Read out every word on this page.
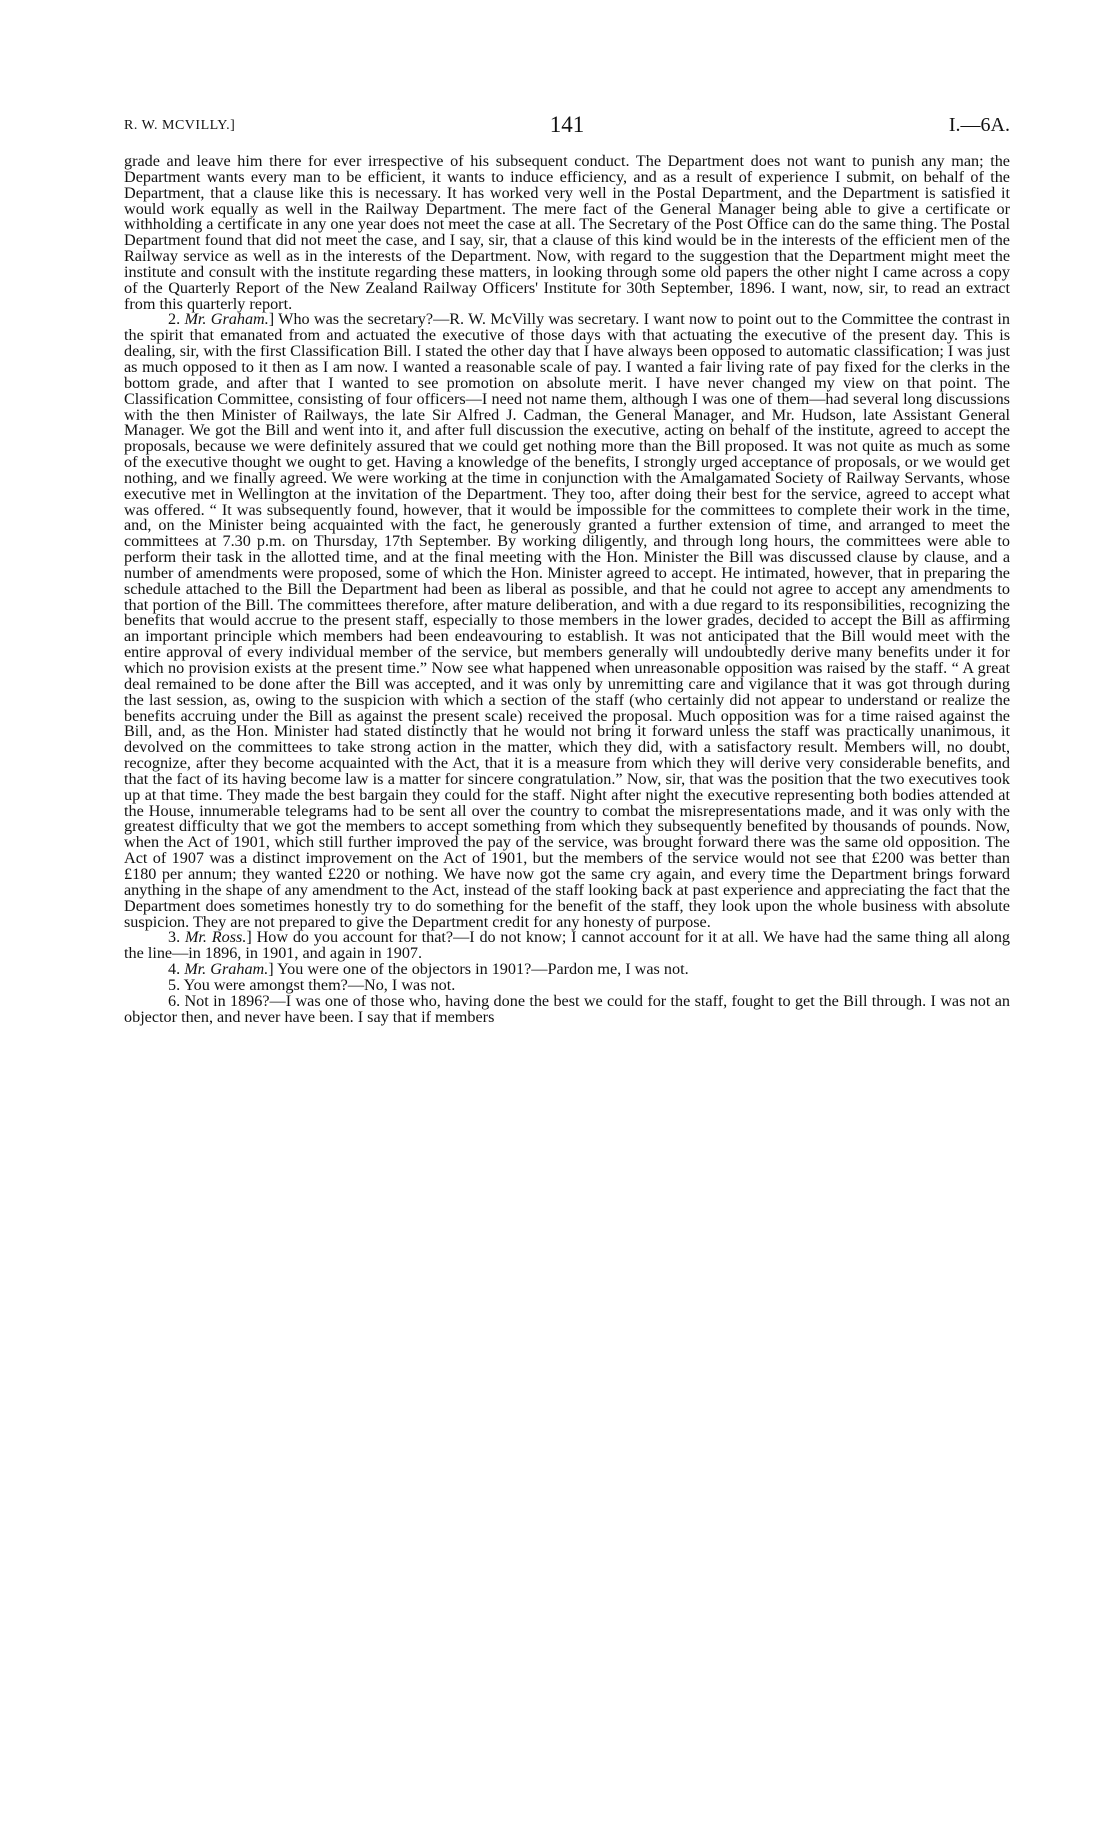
R. W. MCVILLY.]	141	I.—6A.

grade and leave him there for ever irrespective of his subsequent conduct. The Department does not want to punish any man; the Department wants every man to be efficient, it wants to induce efficiency, and as a result of experience I submit, on behalf of the Department, that a clause like this is necessary. It has worked very well in the Postal Department, and the Department is satisfied it would work equally as well in the Railway Department. The mere fact of the General Manager being able to give a certificate or withholding a certificate in any one year does not meet the case at all. The Secretary of the Post Office can do the same thing. The Postal Department found that did not meet the case, and I say, sir, that a clause of this kind would be in the interests of the efficient men of the Railway service as well as in the interests of the Department. Now, with regard to the suggestion that the Department might meet the institute and consult with the institute regarding these matters, in looking through some old papers the other night I came across a copy of the Quarterly Report of the New Zealand Railway Officers' Institute for 30th September, 1896. I want, now, sir, to read an extract from this quarterly report.

2. Mr. Graham.] Who was the secretary?—R. W. McVilly was secretary. I want now to point out to the Committee the contrast in the spirit that emanated from and actuated the executive of those days with that actuating the executive of the present day. This is dealing, sir, with the first Classification Bill. I stated the other day that I have always been opposed to automatic classification; I was just as much opposed to it then as I am now. I wanted a reasonable scale of pay. I wanted a fair living rate of pay fixed for the clerks in the bottom grade, and after that I wanted to see promotion on absolute merit. I have never changed my view on that point. The Classification Committee, consisting of four officers—I need not name them, although I was one of them—had several long discussions with the then Minister of Railways, the late Sir Alfred J. Cadman, the General Manager, and Mr. Hudson, late Assistant General Manager. We got the Bill and went into it, and after full discussion the executive, acting on behalf of the institute, agreed to accept the proposals, because we were definitely assured that we could get nothing more than the Bill proposed. It was not quite as much as some of the executive thought we ought to get. Having a knowledge of the benefits, I strongly urged acceptance of proposals, or we would get nothing, and we finally agreed. We were working at the time in conjunction with the Amalgamated Society of Railway Servants, whose executive met in Wellington at the invitation of the Department. They too, after doing their best for the service, agreed to accept what was offered. “ It was subsequently found, however, that it would be impossible for the committees to complete their work in the time, and, on the Minister being acquainted with the fact, he generously granted a further extension of time, and arranged to meet the committees at 7.30 p.m. on Thursday, 17th September. By working diligently, and through long hours, the committees were able to perform their task in the allotted time, and at the final meeting with the Hon. Minister the Bill was discussed clause by clause, and a number of amendments were proposed, some of which the Hon. Minister agreed to accept. He intimated, however, that in preparing the schedule attached to the Bill the Department had been as liberal as possible, and that he could not agree to accept any amendments to that portion of the Bill. The committees therefore, after mature deliberation, and with a due regard to its responsibilities, recognizing the benefits that would accrue to the present staff, especially to those members in the lower grades, decided to accept the Bill as affirming an important principle which members had been endeavouring to establish. It was not anticipated that the Bill would meet with the entire approval of every individual member of the service, but members generally will undoubtedly derive many benefits under it for which no provision exists at the present time.” Now see what happened when unreasonable opposition was raised by the staff. “ A great deal remained to be done after the Bill was accepted, and it was only by unremitting care and vigilance that it was got through during the last session, as, owing to the suspicion with which a section of the staff (who certainly did not appear to understand or realize the benefits accruing under the Bill as against the present scale) received the proposal. Much opposition was for a time raised against the Bill, and, as the Hon. Minister had stated distinctly that he would not bring it forward unless the staff was practically unanimous, it devolved on the committees to take strong action in the matter, which they did, with a satisfactory result. Members will, no doubt, recognize, after they become acquainted with the Act, that it is a measure from which they will derive very considerable benefits, and that the fact of its having become law is a matter for sincere congratulation.” Now, sir, that was the position that the two executives took up at that time. They made the best bargain they could for the staff. Night after night the executive representing both bodies attended at the House, innumerable telegrams had to be sent all over the country to combat the misrepresentations made, and it was only with the greatest difficulty that we got the members to accept something from which they subsequently benefited by thousands of pounds. Now, when the Act of 1901, which still further improved the pay of the service, was brought forward there was the same old opposition. The Act of 1907 was a distinct improvement on the Act of 1901, but the members of the service would not see that £200 was better than £180 per annum; they wanted £220 or nothing. We have now got the same cry again, and every time the Department brings forward anything in the shape of any amendment to the Act, instead of the staff looking back at past experience and appreciating the fact that the Department does sometimes honestly try to do something for the benefit of the staff, they look upon the whole business with absolute suspicion. They are not prepared to give the Department credit for any honesty of purpose.

3. Mr. Ross.] How do you account for that?—I do not know; I cannot account for it at all. We have had the same thing all along the line—in 1896, in 1901, and again in 1907.

4. Mr. Graham.] You were one of the objectors in 1901?—Pardon me, I was not.

5. You were amongst them?—No, I was not.

6. Not in 1896?—I was one of those who, having done the best we could for the staff, fought to get the Bill through. I was not an objector then, and never have been. I say that if members
